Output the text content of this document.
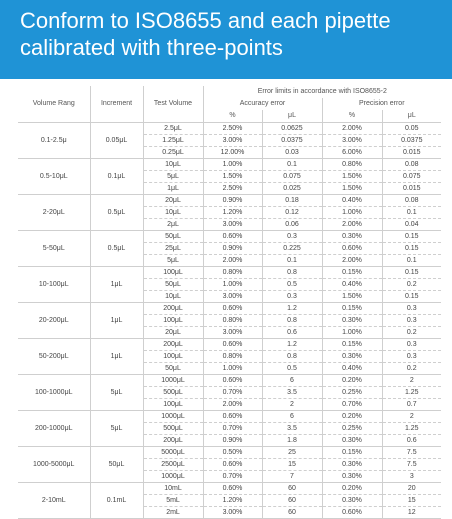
Conform to ISO8655 and each pipette
calibrated with three-points
Volume Rang	Increment	Test Volume	Error limits in accordance with ISO8655-2			
			Accuracy error		Precision error	
			%	μL	%	μL
0.1-2.5μ	0.05μL	2.5μL	2.50%	0.0625	2.00%	0.05
		1.25μL	3.00%	0.0375	3.00%	0.0375
		0.25μL	12.00%	0.03	6.00%	0.015
0.5-10μL	0.1μL	10μL	1.00%	0.1	0.80%	0.08
		5μL	1.50%	0.075	1.50%	0.075
		1μL	2.50%	0.025	1.50%	0.015
2-20μL	0.5μL	20μL	0.90%	0.18	0.40%	0.08
		10μL	1.20%	0.12	1.00%	0.1
		2μL	3.00%	0.06	2.00%	0.04
5-50μL	0.5μL	50μL	0.60%	0.3	0.30%	0.15
		25μL	0.90%	0.225	0.60%	0.15
		5μL	2.00%	0.1	2.00%	0.1
10-100μL	1μL	100μL	0.80%	0.8	0.15%	0.15
		50μL	1.00%	0.5	0.40%	0.2
		10μL	3.00%	0.3	1.50%	0.15
20-200μL	1μL	200μL	0.60%	1.2	0.15%	0.3
		100μL	0.80%	0.8	0.30%	0.3
		20μL	3.00%	0.6	1.00%	0.2
50-200μL	1μL	200μL	0.60%	1.2	0.15%	0.3
		100μL	0.80%	0.8	0.30%	0.3
		50μL	1.00%	0.5	0.40%	0.2
100-1000μL	5μL	1000μL	0.60%	6	0.20%	2
		500μL	0.70%	3.5	0.25%	1.25
		100μL	2.00%	2	0.70%	0.7
200-1000μL	5μL	1000μL	0.60%	6	0.20%	2
		500μL	0.70%	3.5	0.25%	1.25
		200μL	0.90%	1.8	0.30%	0.6
1000-5000μL	50μL	5000μL	0.50%	25	0.15%	7.5
		2500μL	0.60%	15	0.30%	7.5
		1000μL	0.70%	7	0.30%	3
2-10mL	0.1mL	10mL	0.60%	60	0.20%	20
		5mL	1.20%	60	0.30%	15
		2mL	3.00%	60	0.60%	12
